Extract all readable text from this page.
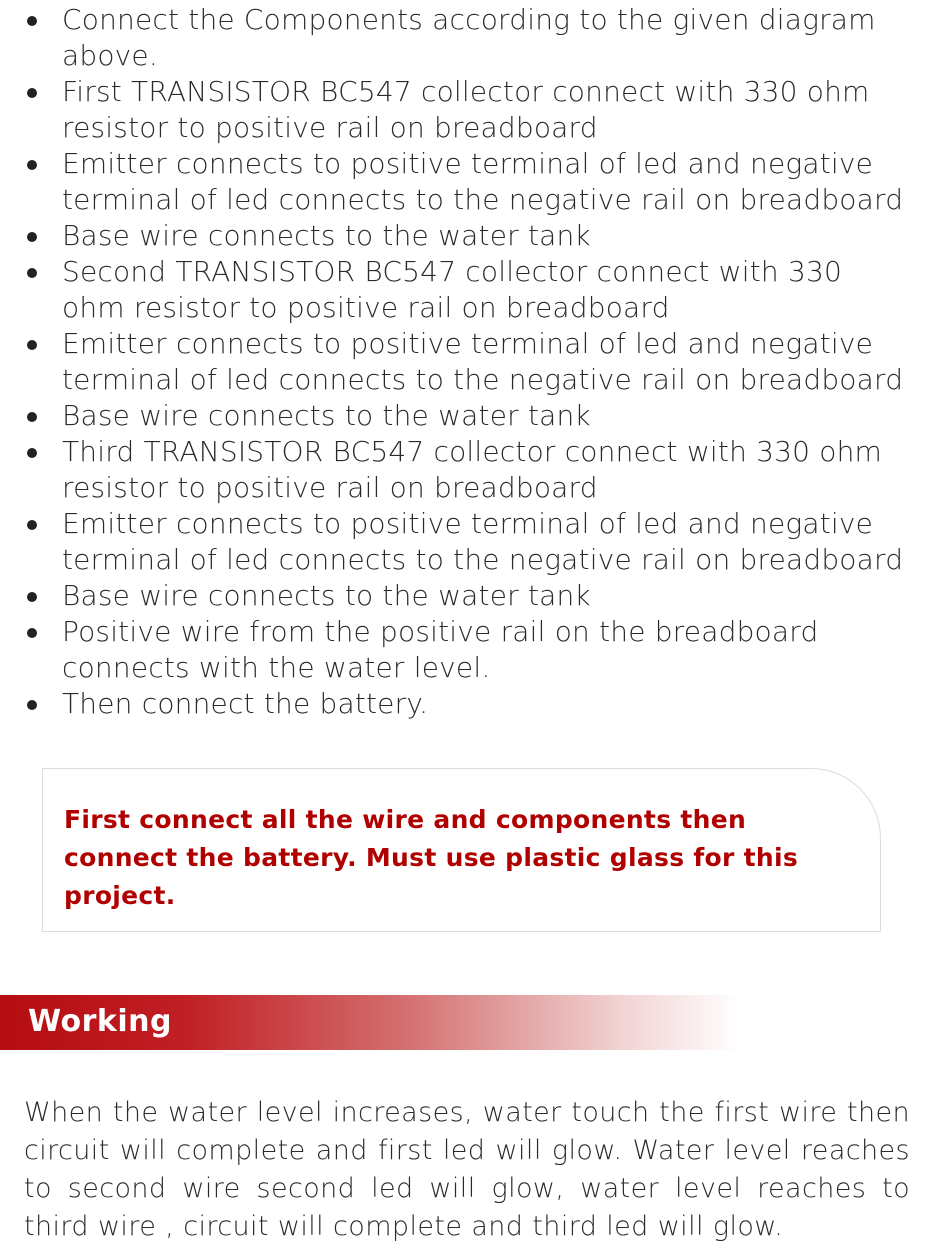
Connect the Components according to the given diagram above.
First TRANSISTOR BC547 collector connect with 330 ohm resistor to positive rail on breadboard
Emitter connects to positive terminal of led and negative terminal of led connects to the negative rail on breadboard
Base wire connects to the water tank
Second TRANSISTOR BC547 collector connect with 330 ohm resistor to positive rail on breadboard
Emitter connects to positive terminal of led and negative terminal of led connects to the negative rail on breadboard
Base wire connects to the water tank
Third TRANSISTOR BC547 collector connect with 330 ohm resistor to positive rail on breadboard
Emitter connects to positive terminal of led and negative terminal of led connects to the negative rail on breadboard
Base wire connects to the water tank
Positive wire from the positive rail on the breadboard connects with the water level.
Then connect the battery.
First connect all the wire and components then connect the battery. Must use plastic glass for this project.
Working

When the water level increases, water touch the first wire then circuit will complete and first led will glow. Water level reaches to second wire second led will glow, water level reaches to third wire , circuit will complete and third led will glow.
